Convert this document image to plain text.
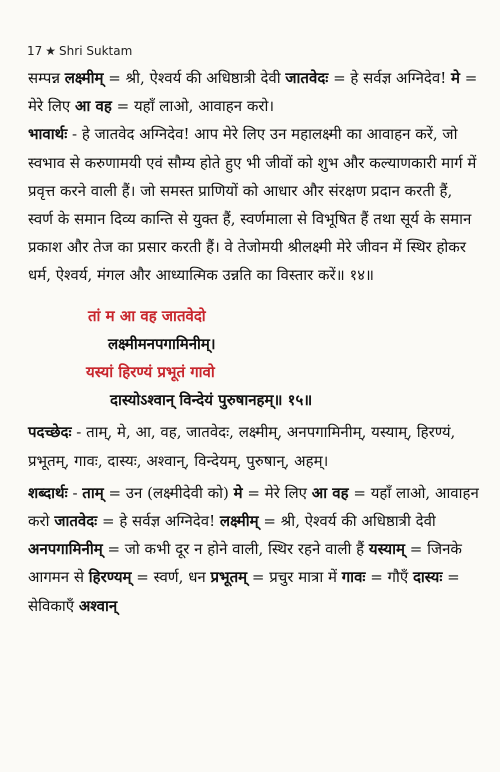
17 ★ Shri Suktam

सम्पन्न लक्ष्मीम् = श्री, ऐश्वर्य की अधिष्ठात्री देवी जातवेदः = हे सर्वज्ञ अग्निदेव! मे = मेरे लिए आ वह = यहाँ लाओ, आवाहन करो।

भावार्थः - हे जातवेद अग्निदेव! आप मेरे लिए उन महालक्ष्मी का आवाहन करें, जो स्वभाव से करुणामयी एवं सौम्य होते हुए भी जीवों को शुभ और कल्याणकारी मार्ग में प्रवृत्त करने वाली हैं। जो समस्त प्राणियों को आधार और संरक्षण प्रदान करती हैं, स्वर्ण के समान दिव्य कान्ति से युक्त हैं, स्वर्णमाला से विभूषित हैं तथा सूर्य के समान प्रकाश और तेज का प्रसार करती हैं। वे तेजोमयी श्रीलक्ष्मी मेरे जीवन में स्थिर होकर धर्म, ऐश्वर्य, मंगल और आध्यात्मिक उन्नति का विस्तार करें॥ १४॥

तां म आ वह जातवेदो
लक्ष्मीमनपगामिनीम्।
यस्यां हिरण्यं प्रभूतं गावो
दास्योऽश्वान् विन्देयं पुरुषानहम्॥ १५॥

पदच्छेदः - ताम्, मे, आ, वह, जातवेदः, लक्ष्मीम्, अनपगामिनीम्, यस्याम्, हिरण्यं, प्रभूतम्, गावः, दास्यः, अश्वान्, विन्देयम्, पुरुषान्, अहम्।

शब्दार्थः - ताम् = उन (लक्ष्मीदेवी को) मे = मेरे लिए आ वह = यहाँ लाओ, आवाहन करो जातवेदः = हे सर्वज्ञ अग्निदेव! लक्ष्मीम् = श्री, ऐश्वर्य की अधिष्ठात्री देवी अनपगामिनीम् = जो कभी दूर न होने वाली, स्थिर रहने वाली हैं यस्याम् = जिनके आगमन से हिरण्यम् = स्वर्ण, धन प्रभूतम् = प्रचुर मात्रा में गावः = गौएँ दास्यः = सेविकाएँ अश्वान्
